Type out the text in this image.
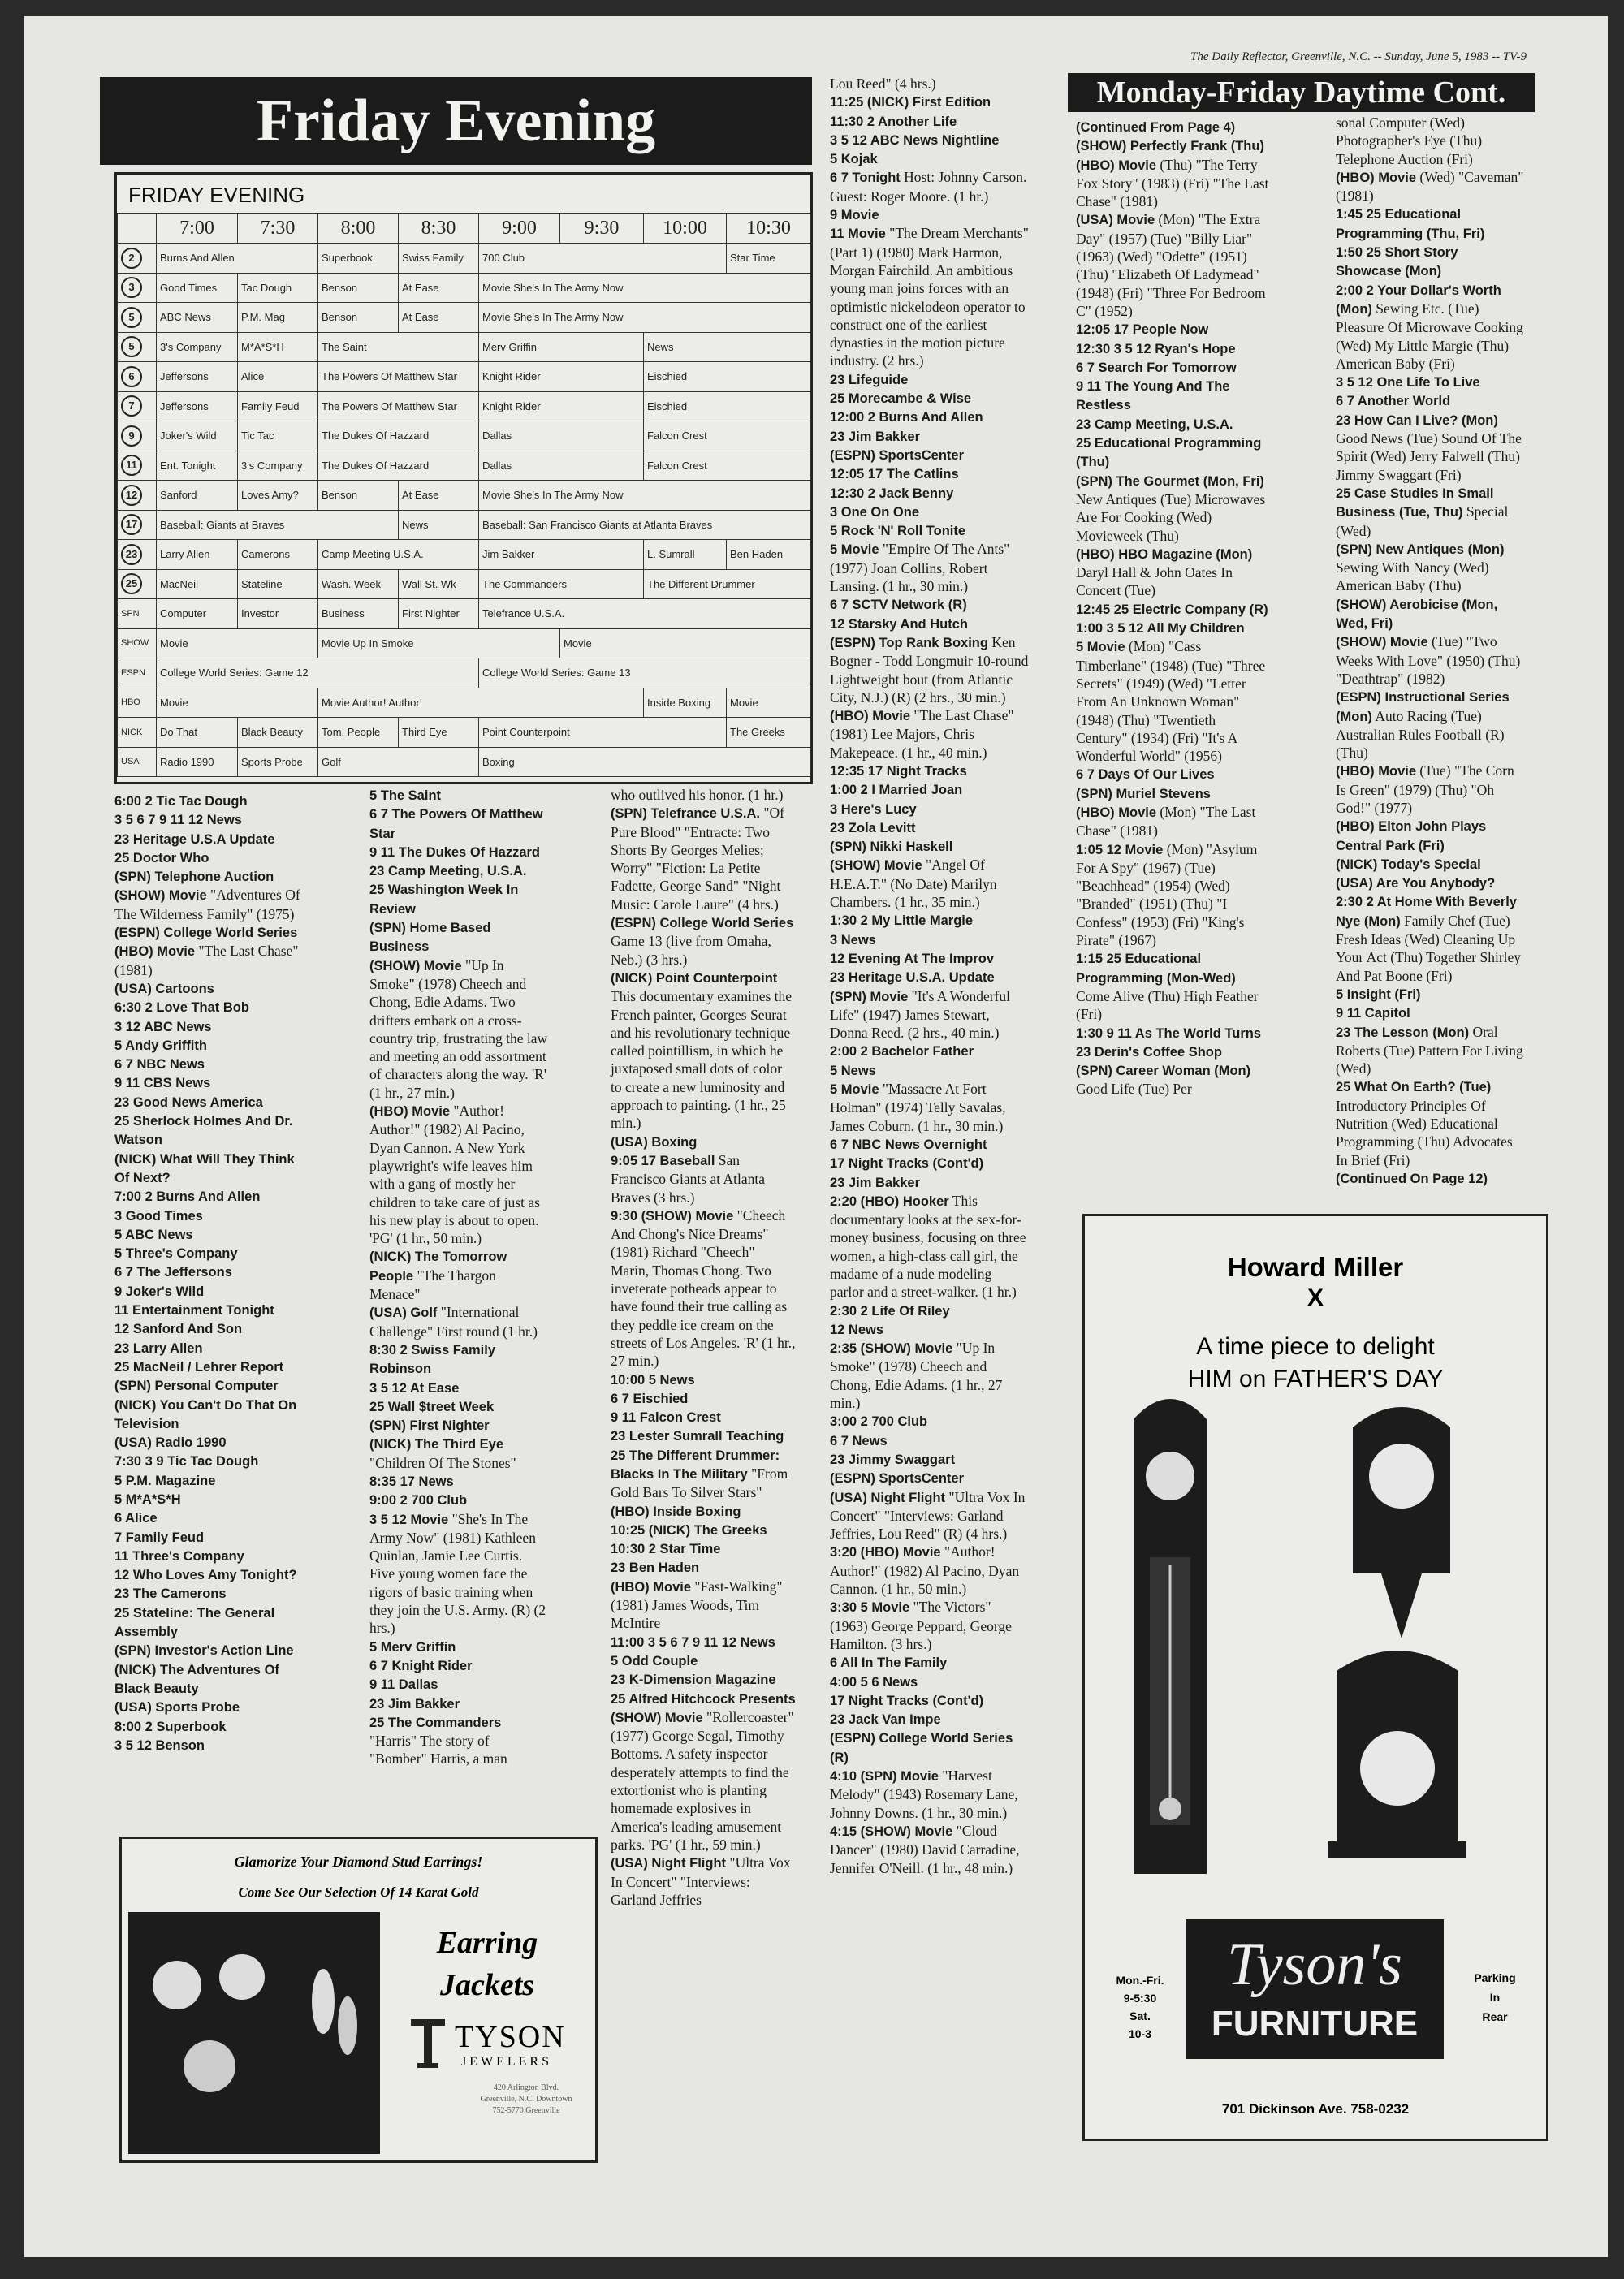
The Daily Reflector, Greenville, N.C. -- Sunday, June 5, 1983 -- TV-9
Friday Evening	Monday-Friday Daytime Cont.
FRIDAY EVENING
	7:00	7:30	8:00	8:30	9:00	9:30	10:00	10:30
2	Burns And Allen		Superbook	Swiss Family	700 Club			Star Time
3	Good Times	Tac Dough	Benson	At Ease	Movie She's In The Army Now			
5	ABC News	P.M. Mag	Benson	At Ease	Movie She's In The Army Now			
5	3's Company	M*A*S*H	The Saint		Merv Griffin		News	
6	Jeffersons	Alice	The Powers Of Matthew Star		Knight Rider		Eischied	
7	Jeffersons	Family Feud	The Powers Of Matthew Star		Knight Rider		Eischied	
9	Joker's Wild	Tic Tac	The Dukes Of Hazzard		Dallas		Falcon Crest	
11	Ent. Tonight	3's Company	The Dukes Of Hazzard		Dallas		Falcon Crest	
12	Sanford	Loves Amy?	Benson	At Ease	Movie She's In The Army Now			
17	Baseball: Giants at Braves			News	Baseball: San Francisco Giants at Atlanta Braves			
23	Larry Allen	Camerons	Camp Meeting U.S.A.		Jim Bakker		L. Sumrall	Ben Haden
25	MacNeil	Stateline	Wash. Week	Wall St. Wk	The Commanders		The Different Drummer	
SPN	Computer	Investor	Business	First Nighter	Telefrance U.S.A.			
SHOW	Movie		Movie Up In Smoke			Movie		
ESPN	College World Series: Game 12				College World Series: Game 13			
HBO	Movie		Movie Author! Author!				Inside Boxing	Movie
NICK	Do That	Black Beauty	Tom. People	Third Eye	Point Counterpoint			The Greeks
USA	Radio 1990	Sports Probe	Golf		Boxing			

6:00 2 Tic Tac Dough

3 5 6 7 9 11 12 News

23 Heritage U.S.A Update

25 Doctor Who

(SPN) Telephone Auction

(SHOW) Movie "Adventures Of The Wilderness Family" (1975)

(ESPN) College World Series

(HBO) Movie "The Last Chase" (1981)

(USA) Cartoons

6:30 2 Love That Bob

3 12 ABC News

5 Andy Griffith

6 7 NBC News

9 11 CBS News

23 Good News America

25 Sherlock Holmes And Dr. Watson

(NICK) What Will They Think Of Next?

7:00 2 Burns And Allen

3 Good Times

5 ABC News

5 Three's Company

6 7 The Jeffersons

9 Joker's Wild

11 Entertainment Tonight

12 Sanford And Son

23 Larry Allen

25 MacNeil / Lehrer Report

(SPN) Personal Computer

(NICK) You Can't Do That On Television

(USA) Radio 1990

7:30 3 9 Tic Tac Dough

5 P.M. Magazine

5 M*A*S*H

6 Alice

7 Family Feud

11 Three's Company

12 Who Loves Amy Tonight?

23 The Camerons

25 Stateline: The General Assembly

(SPN) Investor's Action Line

(NICK) The Adventures Of Black Beauty

(USA) Sports Probe

8:00 2 Superbook

3 5 12 Benson

5 The Saint

6 7 The Powers Of Matthew Star

9 11 The Dukes Of Hazzard

23 Camp Meeting, U.S.A.

25 Washington Week In Review

(SPN) Home Based Business

(SHOW) Movie "Up In Smoke" (1978) Cheech and Chong, Edie Adams. Two drifters embark on a cross-country trip, frustrating the law and meeting an odd assortment of characters along the way. 'R' (1 hr., 27 min.)

(HBO) Movie "Author! Author!" (1982) Al Pacino, Dyan Cannon. A New York playwright's wife leaves him with a gang of mostly her children to take care of just as his new play is about to open. 'PG' (1 hr., 50 min.)

(NICK) The Tomorrow People "The Thargon Menace"

(USA) Golf "International Challenge" First round (1 hr.)

8:30 2 Swiss Family Robinson

3 5 12 At Ease

25 Wall $treet Week

(SPN) First Nighter

(NICK) The Third Eye "Children Of The Stones"

8:35 17 News

9:00 2 700 Club

3 5 12 Movie "She's In The Army Now" (1981) Kathleen Quinlan, Jamie Lee Curtis. Five young women face the rigors of basic training when they join the U.S. Army. (R) (2 hrs.)

5 Merv Griffin

6 7 Knight Rider

9 11 Dallas

23 Jim Bakker

25 The Commanders "Harris" The story of "Bomber" Harris, a man

who outlived his honor. (1 hr.)

(SPN) Telefrance U.S.A. "Of Pure Blood" "Entracte: Two Shorts By Georges Melies; Worry" "Fiction: La Petite Fadette, George Sand" "Night Music: Carole Laure" (4 hrs.)

(ESPN) College World Series Game 13 (live from Omaha, Neb.) (3 hrs.)

(NICK) Point Counterpoint This documentary examines the French painter, Georges Seurat and his revolutionary technique called pointillism, in which he juxtaposed small dots of color to create a new luminosity and approach to painting. (1 hr., 25 min.)

(USA) Boxing

9:05 17 Baseball San Francisco Giants at Atlanta Braves (3 hrs.)

9:30 (SHOW) Movie "Cheech And Chong's Nice Dreams" (1981) Richard "Cheech" Marin, Thomas Chong. Two inveterate potheads appear to have found their true calling as they peddle ice cream on the streets of Los Angeles. 'R' (1 hr., 27 min.)

10:00 5 News

6 7 Eischied

9 11 Falcon Crest

23 Lester Sumrall Teaching

25 The Different Drummer: Blacks In The Military "From Gold Bars To Silver Stars"

(HBO) Inside Boxing

10:25 (NICK) The Greeks

10:30 2 Star Time

23 Ben Haden

(HBO) Movie "Fast-Walking" (1981) James Woods, Tim McIntire

11:00 3 5 6 7 9 11 12 News

5 Odd Couple

23 K-Dimension Magazine

25 Alfred Hitchcock Presents

(SHOW) Movie "Rollercoaster" (1977) George Segal, Timothy Bottoms. A safety inspector desperately attempts to find the extortionist who is planting homemade explosives in America's leading amusement parks. 'PG' (1 hr., 59 min.)

(USA) Night Flight "Ultra Vox In Concert" "Interviews: Garland Jeffries

Lou Reed" (4 hrs.)

11:25 (NICK) First Edition

11:30 2 Another Life

3 5 12 ABC News Nightline

5 Kojak

6 7 Tonight Host: Johnny Carson. Guest: Roger Moore. (1 hr.)

9 Movie

11 Movie "The Dream Merchants" (Part 1) (1980) Mark Harmon, Morgan Fairchild. An ambitious young man joins forces with an optimistic nickelodeon operator to construct one of the earliest dynasties in the motion picture industry. (2 hrs.)

23 Lifeguide

25 Morecambe & Wise

12:00 2 Burns And Allen

23 Jim Bakker

(ESPN) SportsCenter

12:05 17 The Catlins

12:30 2 Jack Benny

3 One On One

5 Rock 'N' Roll Tonite

5 Movie "Empire Of The Ants" (1977) Joan Collins, Robert Lansing. (1 hr., 30 min.)

6 7 SCTV Network (R)

12 Starsky And Hutch

(ESPN) Top Rank Boxing Ken Bogner - Todd Longmuir 10-round Lightweight bout (from Atlantic City, N.J.) (R) (2 hrs., 30 min.)

(HBO) Movie "The Last Chase" (1981) Lee Majors, Chris Makepeace. (1 hr., 40 min.)

12:35 17 Night Tracks

1:00 2 I Married Joan

3 Here's Lucy

23 Zola Levitt

(SPN) Nikki Haskell

(SHOW) Movie "Angel Of H.E.A.T." (No Date) Marilyn Chambers. (1 hr., 35 min.)

1:30 2 My Little Margie

3 News

12 Evening At The Improv

23 Heritage U.S.A. Update

(SPN) Movie "It's A Wonderful Life" (1947) James Stewart, Donna Reed. (2 hrs., 40 min.)

2:00 2 Bachelor Father

5 News

5 Movie "Massacre At Fort Holman" (1974) Telly Savalas, James Coburn. (1 hr., 30 min.)

6 7 NBC News Overnight

17 Night Tracks (Cont'd)

23 Jim Bakker

2:20 (HBO) Hooker This documentary looks at the sex-for-money business, focusing on three women, a high-class call girl, the madame of a nude modeling parlor and a street-walker. (1 hr.)

2:30 2 Life Of Riley

12 News

2:35 (SHOW) Movie "Up In Smoke" (1978) Cheech and Chong, Edie Adams. (1 hr., 27 min.)

3:00 2 700 Club

6 7 News

23 Jimmy Swaggart

(ESPN) SportsCenter

(USA) Night Flight "Ultra Vox In Concert" "Interviews: Garland Jeffries, Lou Reed" (R) (4 hrs.)

3:20 (HBO) Movie "Author! Author!" (1982) Al Pacino, Dyan Cannon. (1 hr., 50 min.)

3:30 5 Movie "The Victors" (1963) George Peppard, George Hamilton. (3 hrs.)

6 All In The Family

4:00 5 6 News

17 Night Tracks (Cont'd)

23 Jack Van Impe

(ESPN) College World Series (R)

4:10 (SPN) Movie "Harvest Melody" (1943) Rosemary Lane, Johnny Downs. (1 hr., 30 min.)

4:15 (SHOW) Movie "Cloud Dancer" (1980) David Carradine, Jennifer O'Neill. (1 hr., 48 min.)

(Continued From Page 4)

(SHOW) Perfectly Frank (Thu)

(HBO) Movie (Thu) "The Terry Fox Story" (1983) (Fri) "The Last Chase" (1981)

(USA) Movie (Mon) "The Extra Day" (1957) (Tue) "Billy Liar" (1963) (Wed) "Odette" (1951) (Thu) "Elizabeth Of Ladymead" (1948) (Fri) "Three For Bedroom C" (1952)

12:05 17 People Now

12:30 3 5 12 Ryan's Hope

6 7 Search For Tomorrow

9 11 The Young And The Restless

23 Camp Meeting, U.S.A.

25 Educational Programming (Thu)

(SPN) The Gourmet (Mon, Fri) New Antiques (Tue) Microwaves Are For Cooking (Wed) Movieweek (Thu)

(HBO) HBO Magazine (Mon) Daryl Hall & John Oates In Concert (Tue)

12:45 25 Electric Company (R)

1:00 3 5 12 All My Children

5 Movie (Mon) "Cass Timberlane" (1948) (Tue) "Three Secrets" (1949) (Wed) "Letter From An Unknown Woman" (1948) (Thu) "Twentieth Century" (1934) (Fri) "It's A Wonderful World" (1956)

6 7 Days Of Our Lives

(SPN) Muriel Stevens

(HBO) Movie (Mon) "The Last Chase" (1981)

1:05 12 Movie (Mon) "Asylum For A Spy" (1967) (Tue) "Beachhead" (1954) (Wed) "Branded" (1951) (Thu) "I Confess" (1953) (Fri) "King's Pirate" (1967)

1:15 25 Educational Programming (Mon-Wed) Come Alive (Thu) High Feather (Fri)

1:30 9 11 As The World Turns

23 Derin's Coffee Shop

(SPN) Career Woman (Mon) Good Life (Tue) Per

sonal Computer (Wed) Photographer's Eye (Thu) Telephone Auction (Fri)

(HBO) Movie (Wed) "Caveman" (1981)

1:45 25 Educational Programming (Thu, Fri)

1:50 25 Short Story Showcase (Mon)

2:00 2 Your Dollar's Worth (Mon) Sewing Etc. (Tue) Pleasure Of Microwave Cooking (Wed) My Little Margie (Thu) American Baby (Fri)

3 5 12 One Life To Live

6 7 Another World

23 How Can I Live? (Mon) Good News (Tue) Sound Of The Spirit (Wed) Jerry Falwell (Thu) Jimmy Swaggart (Fri)

25 Case Studies In Small Business (Tue, Thu) Special (Wed)

(SPN) New Antiques (Mon) Sewing With Nancy (Wed) American Baby (Thu)

(SHOW) Aerobicise (Mon, Wed, Fri)

(SHOW) Movie (Tue) "Two Weeks With Love" (1950) (Thu) "Deathtrap" (1982)

(ESPN) Instructional Series (Mon) Auto Racing (Tue) Australian Rules Football (R) (Thu)

(HBO) Movie (Tue) "The Corn Is Green" (1979) (Thu) "Oh God!" (1977)

(HBO) Elton John Plays Central Park (Fri)

(NICK) Today's Special

(USA) Are You Anybody?

2:30 2 At Home With Beverly Nye (Mon) Family Chef (Tue) Fresh Ideas (Wed) Cleaning Up Your Act (Thu) Together Shirley And Pat Boone (Fri)

5 Insight (Fri)

9 11 Capitol

23 The Lesson (Mon) Oral Roberts (Tue) Pattern For Living (Wed)

25 What On Earth? (Tue) Introductory Principles Of Nutrition (Wed) Educational Programming (Thu) Advocates In Brief (Fri)

(Continued On Page 12)

Glamorize Your Diamond Stud Earrings!
Come See Our Selection Of 14 Karat Gold
Earring
Jackets
TYSON
JEWELERS
420 Arlington Blvd. Greenville, N.C. Downtown 752-5770 Greenville
Howard Miller
X
A time piece to delight
HIM on FATHER'S DAY
Mon.-Fri.
9-5:30
Sat.
10-3
Tyson's
FURNITURE
Parking
In
Rear
701 Dickinson Ave. 758-0232
